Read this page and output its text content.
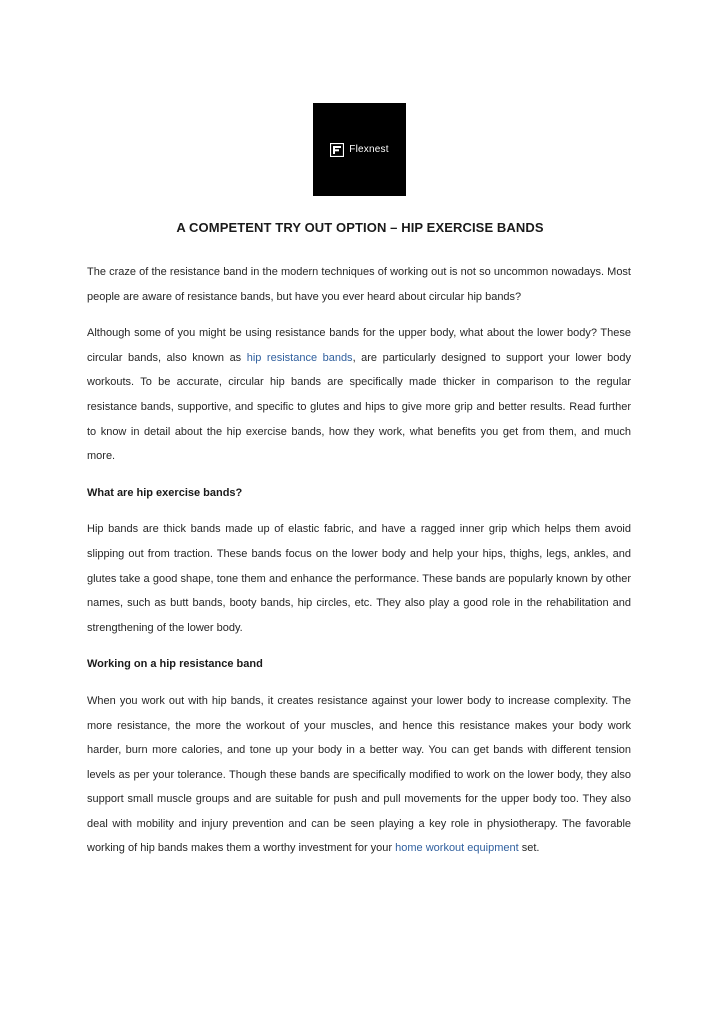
Flexnest
A COMPETENT TRY OUT OPTION – HIP EXERCISE BANDS

The craze of the resistance band in the modern techniques of working out is not so uncommon nowadays. Most people are aware of resistance bands, but have you ever heard about circular hip bands?

Although some of you might be using resistance bands for the upper body, what about the lower body? These circular bands, also known as hip resistance bands, are particularly designed to support your lower body workouts. To be accurate, circular hip bands are specifically made thicker in comparison to the regular resistance bands, supportive, and specific to glutes and hips to give more grip and better results. Read further to know in detail about the hip exercise bands, how they work, what benefits you get from them, and much more.

What are hip exercise bands?

Hip bands are thick bands made up of elastic fabric, and have a ragged inner grip which helps them avoid slipping out from traction. These bands focus on the lower body and help your hips, thighs, legs, ankles, and glutes take a good shape, tone them and enhance the performance. These bands are popularly known by other names, such as butt bands, booty bands, hip circles, etc. They also play a good role in the rehabilitation and strengthening of the lower body.

Working on a hip resistance band

When you work out with hip bands, it creates resistance against your lower body to increase complexity. The more resistance, the more the workout of your muscles, and hence this resistance makes your body work harder, burn more calories, and tone up your body in a better way. You can get bands with different tension levels as per your tolerance. Though these bands are specifically modified to work on the lower body, they also support small muscle groups and are suitable for push and pull movements for the upper body too. They also deal with mobility and injury prevention and can be seen playing a key role in physiotherapy. The favorable working of hip bands makes them a worthy investment for your home workout equipment set.
